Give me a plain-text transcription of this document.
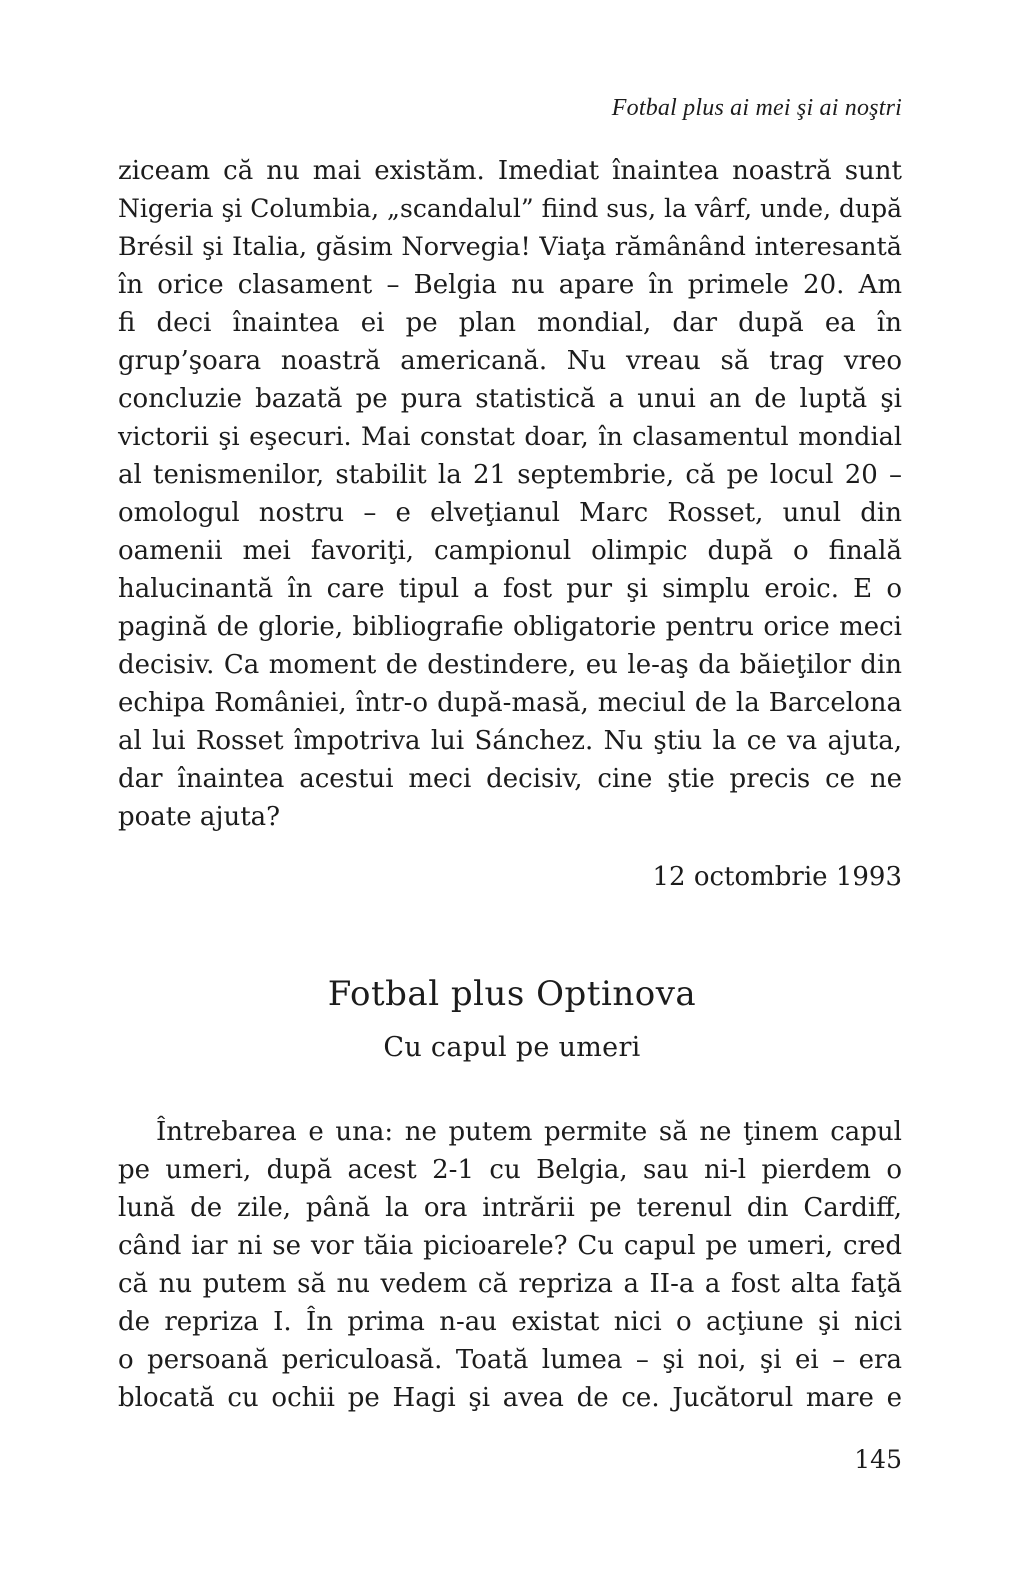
Fotbal plus ai mei şi ai noştri
ziceam că nu mai existăm. Imediat înaintea noastră sunt
Nigeria şi Columbia, „scandalul” fiind sus, la vârf, unde, după
Brésil şi Italia, găsim Norvegia! Viaţa rămânând interesantă
în orice clasament – Belgia nu apare în primele 20. Am
fi deci înaintea ei pe plan mondial, dar după ea în
grup’şoara noastră americană. Nu vreau să trag vreo
concluzie bazată pe pura statistică a unui an de luptă şi
victorii şi eşecuri. Mai constat doar, în clasamentul mondial
al tenismenilor, stabilit la 21 septembrie, că pe locul 20 –
omologul nostru – e elveţianul Marc Rosset, unul din
oamenii mei favoriţi, campionul olimpic după o finală
halucinantă în care tipul a fost pur şi simplu eroic. E o
pagină de glorie, bibliografie obligatorie pentru orice meci
decisiv. Ca moment de destindere, eu le-aş da băieţilor din
echipa României, într-o după-masă, meciul de la Barcelona
al lui Rosset împotriva lui Sánchez. Nu ştiu la ce va ajuta,
dar înaintea acestui meci decisiv, cine ştie precis ce ne
poate ajuta?
12 octombrie 1993
Fotbal plus Optinova
Cu capul pe umeri
Întrebarea e una: ne putem permite să ne ţinem capul
pe umeri, după acest 2-1 cu Belgia, sau ni-l pierdem o
lună de zile, până la ora intrării pe terenul din Cardiff,
când iar ni se vor tăia picioarele? Cu capul pe umeri, cred
că nu putem să nu vedem că repriza a II-a a fost alta faţă
de repriza I. În prima n-au existat nici o acţiune şi nici
o persoană periculoasă. Toată lumea – şi noi, şi ei – era
blocată cu ochii pe Hagi şi avea de ce. Jucătorul mare e
145
